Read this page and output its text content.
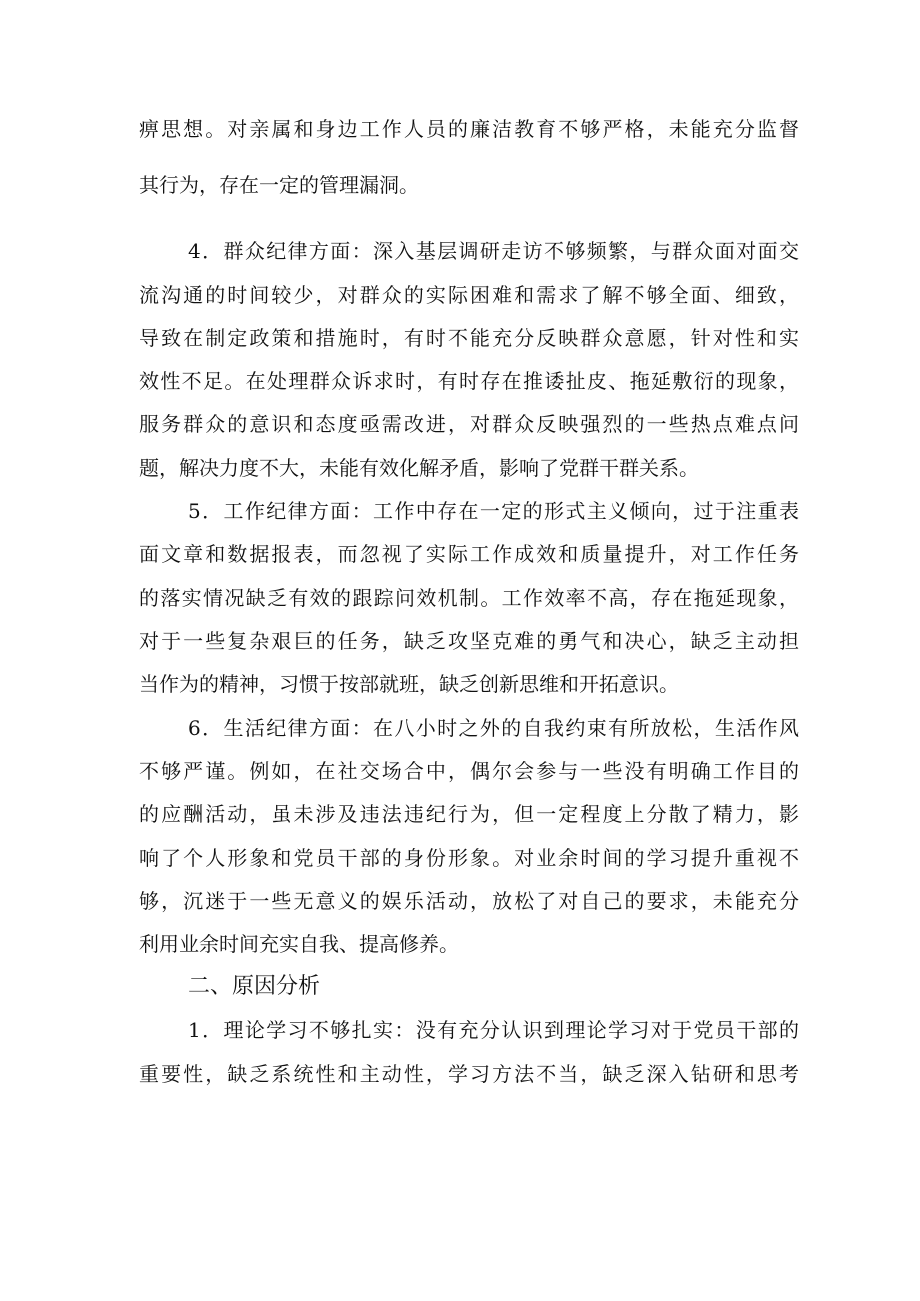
痹思想。对亲属和身边工作人员的廉洁教育不够严格，未能充分监督
其行为，存在一定的管理漏洞。
4．群众纪律方面：深入基层调研走访不够频繁，与群众面对面交
流沟通的时间较少，对群众的实际困难和需求了解不够全面、细致，
导致在制定政策和措施时，有时不能充分反映群众意愿，针对性和实
效性不足。在处理群众诉求时，有时存在推诿扯皮、拖延敷衍的现象，
服务群众的意识和态度亟需改进，对群众反映强烈的一些热点难点问
题，解决力度不大，未能有效化解矛盾，影响了党群干群关系。
5．工作纪律方面：工作中存在一定的形式主义倾向，过于注重表
面文章和数据报表，而忽视了实际工作成效和质量提升，对工作任务
的落实情况缺乏有效的跟踪问效机制。工作效率不高，存在拖延现象，
对于一些复杂艰巨的任务，缺乏攻坚克难的勇气和决心，缺乏主动担
当作为的精神，习惯于按部就班，缺乏创新思维和开拓意识。
6．生活纪律方面：在八小时之外的自我约束有所放松，生活作风
不够严谨。例如，在社交场合中，偶尔会参与一些没有明确工作目的
的应酬活动，虽未涉及违法违纪行为，但一定程度上分散了精力，影
响了个人形象和党员干部的身份形象。对业余时间的学习提升重视不
够，沉迷于一些无意义的娱乐活动，放松了对自己的要求，未能充分
利用业余时间充实自我、提高修养。
二、原因分析
1．理论学习不够扎实：没有充分认识到理论学习对于党员干部的
重要性，缺乏系统性和主动性，学习方法不当，缺乏深入钻研和思考
